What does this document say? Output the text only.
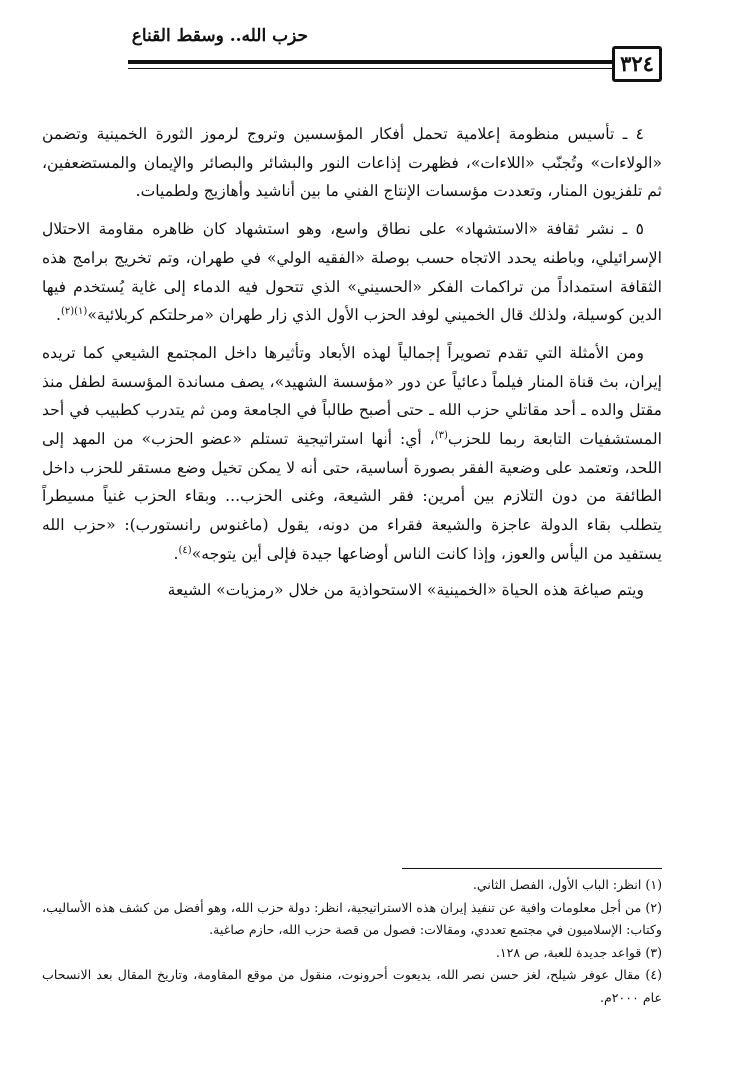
حزب الله.. وسقط القناع
٣٢٤

٤ ـ تأسيس منظومة إعلامية تحمل أفكار المؤسسين وتروج لرموز الثورة الخمينية وتضمن «الولاءات» وتُجنّب «اللاءات»، فظهرت إذاعات النور والبشائر والبصائر والإيمان والمستضعفين، ثم تلفزيون المنار، وتعددت مؤسسات الإنتاج الفني ما بين أناشيد وأهازيج ولطميات.

٥ ـ نشر ثقافة «الاستشهاد» على نطاق واسع، وهو استشهاد كان ظاهره مقاومة الاحتلال الإسرائيلي، وباطنه يحدد الاتجاه حسب بوصلة «الفقيه الولي» في طهران، وتم تخريج برامج هذه الثقافة استمداداً من تراكمات الفكر «الحسيني» الذي تتحول فيه الدماء إلى غاية يُستخدم فيها الدين كوسيلة، ولذلك قال الخميني لوفد الحزب الأول الذي زار طهران «مرحلتكم كربلائية»$^{(١)(٢)}$.

ومن الأمثلة التي تقدم تصويراً إجمالياً لهذه الأبعاد وتأثيرها داخل المجتمع الشيعي كما تريده إيران، بث قناة المنار فيلماً دعائياً عن دور «مؤسسة الشهيد»، يصف مساندة المؤسسة لطفل منذ مقتل والده ـ أحد مقاتلي حزب الله ـ حتى أصبح طالباً في الجامعة ومن ثم يتدرب كطبيب في أحد المستشفيات التابعة ربما للحزب$^{(٣)}$، أي: أنها استراتيجية تستلم «عضو الحزب» من المهد إلى اللحد، وتعتمد على وضعية الفقر بصورة أساسية، حتى أنه لا يمكن تخيل وضع مستقر للحزب داخل الطائفة من دون التلازم بين أمرين: فقر الشيعة، وغنى الحزب... وبقاء الحزب غنياً مسيطراً يتطلب بقاء الدولة عاجزة والشيعة فقراء من دونه، يقول (ماغنوس رانستورب): «حزب الله يستفيد من اليأس والعوز، وإذا كانت الناس أوضاعها جيدة فإلى أين يتوجه»$^{(٤)}$.

ويتم صياغة هذه الحياة «الخمينية» الاستحواذية من خلال «رمزيات» الشيعة

(١) انظر: الباب الأول، الفصل الثاني.

(٢) من أجل معلومات وافية عن تنفيذ إيران هذه الاستراتيجية، انظر: دولة حزب الله، وهو أفضل من كشف هذه الأساليب، وكتاب: الإسلاميون في مجتمع تعددي، ومقالات: فصول من قصة حزب الله، حازم صاغية.

(٣) قواعد جديدة للعبة، ص ١٢٨.

(٤) مقال عوفر شيلح، لغز حسن نصر الله، يديعوت أحرونوت، منقول من موقع المقاومة، وتاريخ المقال بعد الانسحاب عام ٢٠٠٠م.
